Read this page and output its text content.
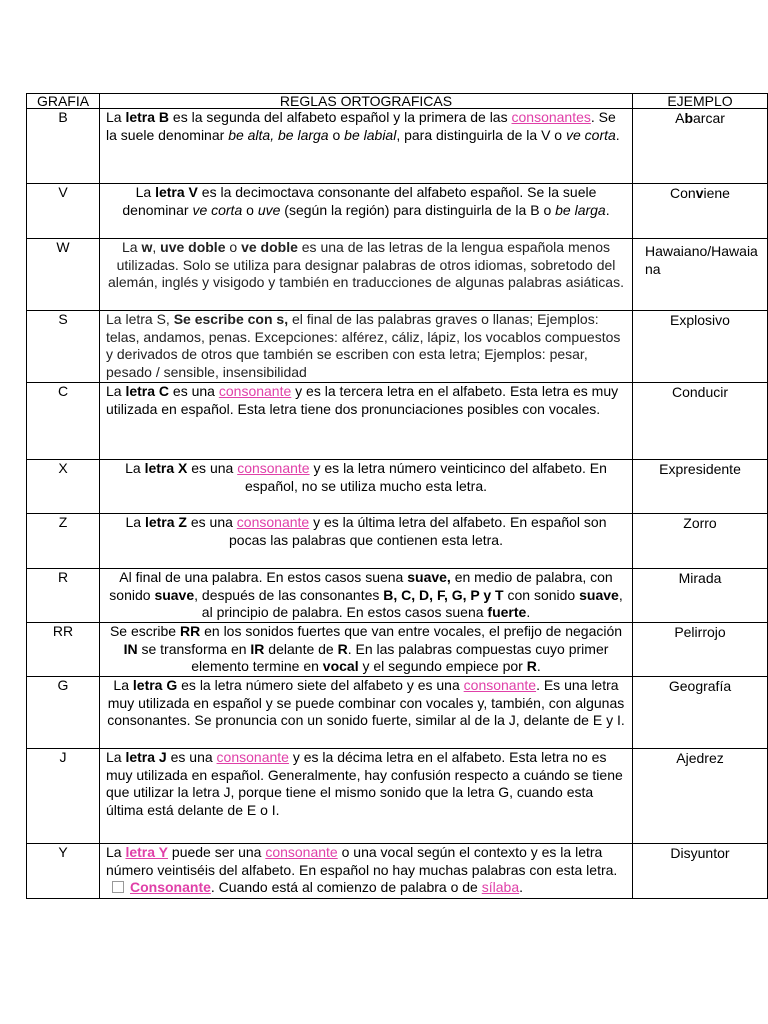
GRAFIA	REGLAS ORTOGRAFICAS	EJEMPLO
B	La letra B es la segunda del alfabeto español y la primera de las consonantes. Se la suele denominar be alta, be larga o be labial, para distinguirla de la V o ve corta.	Abarcar
V	La letra V es la decimoctava consonante del alfabeto español. Se la suele denominar ve corta o uve (según la región) para distinguirla de la B o be larga.	Conviene
W	La w, uve doble o ve doble es una de las letras de la lengua española menos utilizadas. Solo se utiliza para designar palabras de otros idiomas, sobretodo del alemán, inglés y visigodo y también en traducciones de algunas palabras asiáticas.	Hawaiano/Hawaiana
S	La letra S, Se escribe con s, el final de las palabras graves o llanas; Ejemplos: telas, andamos, penas. Excepciones: alférez, cáliz, lápiz, los vocablos compuestos y derivados de otros que también se escriben con esta letra; Ejemplos: pesar, pesado / sensible, insensibilidad	Explosivo
C	La letra C es una consonante y es la tercera letra en el alfabeto. Esta letra es muy utilizada en español. Esta letra tiene dos pronunciaciones posibles con vocales.	Conducir
X	La letra X es una consonante y es la letra número veinticinco del alfabeto. En español, no se utiliza mucho esta letra.	Expresidente
Z	La letra Z es una consonante y es la última letra del alfabeto. En español son pocas las palabras que contienen esta letra.	Zorro
R	Al final de una palabra. En estos casos suena suave, en medio de palabra, con sonido suave, después de las consonantes B, C, D, F, G, P y T con sonido suave, al principio de palabra. En estos casos suena fuerte.	Mirada
RR	Se escribe RR en los sonidos fuertes que van entre vocales, el prefijo de negación IN se transforma en IR delante de R. En las palabras compuestas cuyo primer elemento termine en vocal y el segundo empiece por R.	Pelirrojo
G	La letra G es la letra número siete del alfabeto y es una consonante. Es una letra muy utilizada en español y se puede combinar con vocales y, también, con algunas consonantes. Se pronuncia con un sonido fuerte, similar al de la J, delante de E y I.	Geografía
J	La letra J es una consonante y es la décima letra en el alfabeto. Esta letra no es muy utilizada en español. Generalmente, hay confusión respecto a cuándo se tiene que utilizar la letra J, porque tiene el mismo sonido que la letra G, cuando esta última está delante de E o I.	Ajedrez
Y	La letra Y puede ser una consonante o una vocal según el contexto y es la letra número veintiséis del alfabeto. En español no hay muchas palabras con esta letra.Consonante. Cuando está al comienzo de palabra o de sílaba.	Disyuntor
